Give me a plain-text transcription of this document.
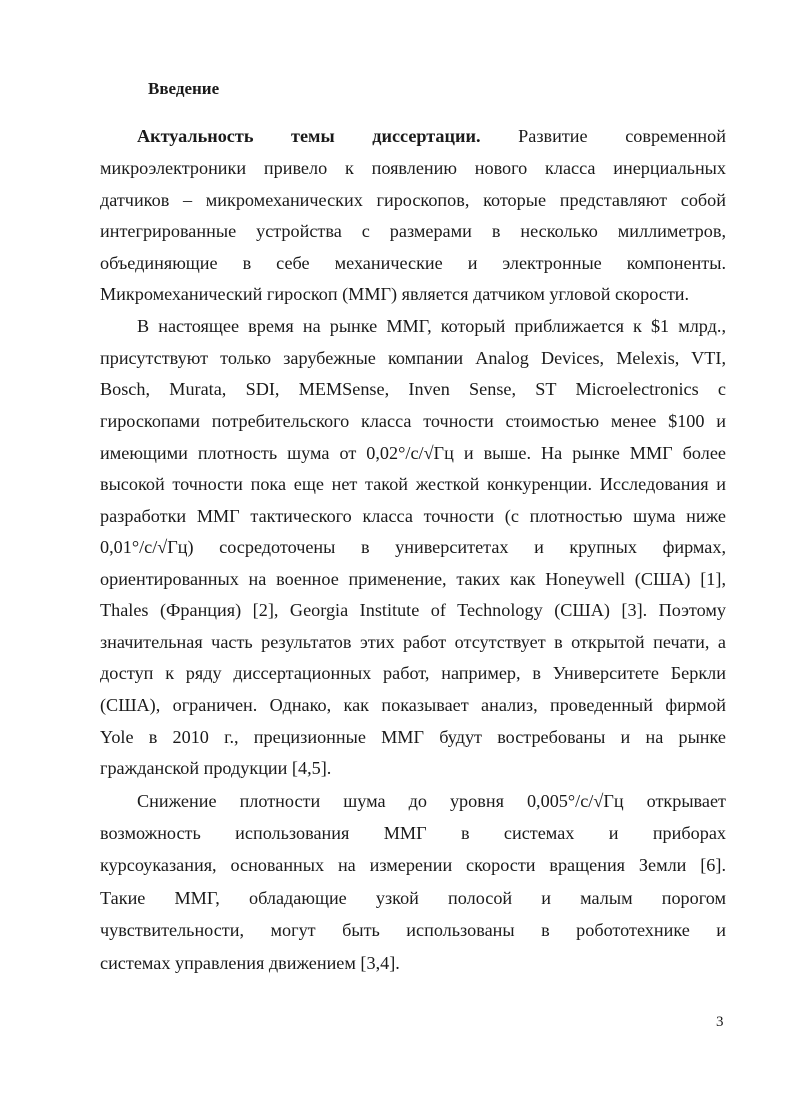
Введение
Актуальность темы диссертации. Развитие современной
микроэлектроники привело к появлению нового класса инерциальных
датчиков – микромеханических гироскопов, которые представляют собой
интегрированные устройства с размерами в несколько миллиметров,
объединяющие в себе механические и электронные компоненты.
Микромеханический гироскоп (ММГ) является датчиком угловой скорости.
В настоящее время на рынке ММГ, который приближается к $1 млрд.,
присутствуют только зарубежные компании Analog Devices, Melexis, VTI,
Bosch, Murata, SDI, MEMSense, Inven Sense, ST Microelectronics с
гироскопами потребительского класса точности стоимостью менее $100 и
имеющими плотность шума от 0,02°/с/√Гц и выше. На рынке ММГ более
высокой точности пока еще нет такой жесткой конкуренции. Исследования и
разработки ММГ тактического класса точности (с плотностью шума ниже
0,01°/с/√Гц) сосредоточены в университетах и крупных фирмах,
ориентированных на военное применение, таких как Honeywell (США) [1],
Thales (Франция) [2], Georgia Institute of Technology (США) [3]. Поэтому
значительная часть результатов этих работ отсутствует в открытой печати, а
доступ к ряду диссертационных работ, например, в Университете Беркли
(США), ограничен. Однако, как показывает анализ, проведенный фирмой
Yole в 2010 г., прецизионные ММГ будут востребованы и на рынке
гражданской продукции [4,5].
Снижение плотности шума до уровня 0,005°/с/√Гц открывает
возможность использования ММГ в системах и приборах
курсоуказания, основанных на измерении скорости вращения Земли [6].
Такие ММГ, обладающие узкой полосой и малым порогом
чувствительности, могут быть использованы в робототехнике и
системах управления движением [3,4].
3
